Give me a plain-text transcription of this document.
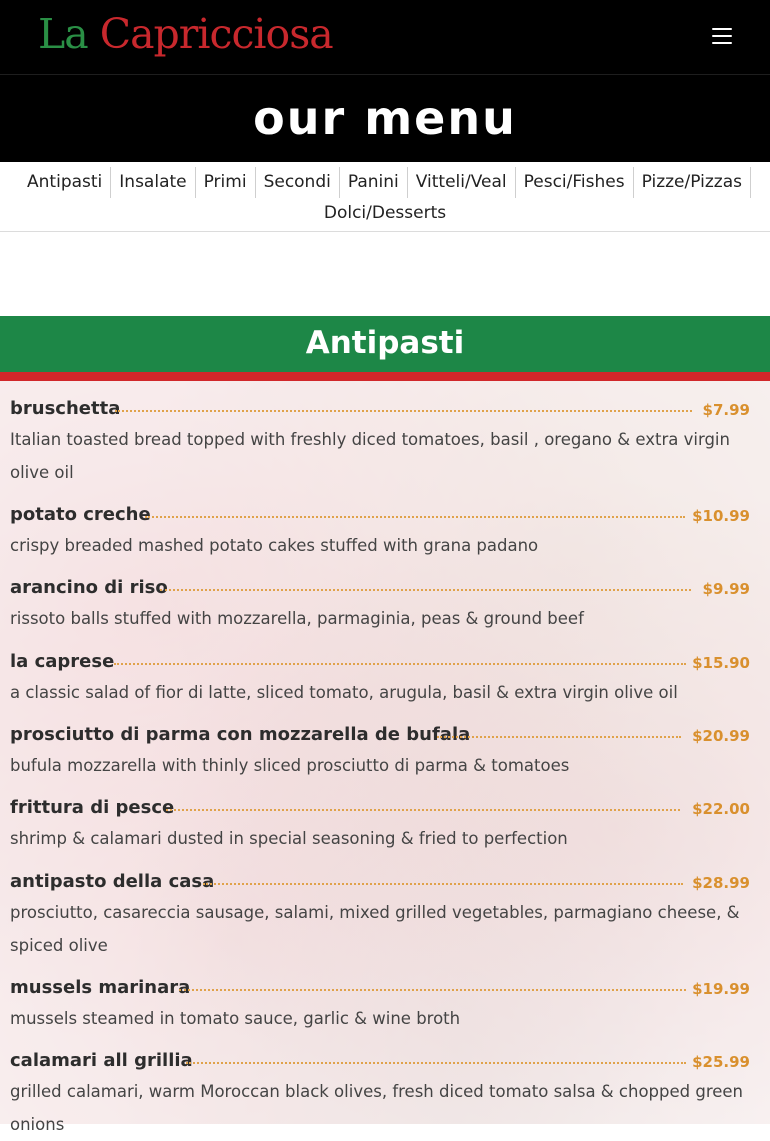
La Capricciosa
our menu
Antipasti Insalate Primi Secondi Panini Vitteli/Veal Pesci/Fishes Pizze/Pizzas
Dolci/Desserts
Antipasti
bruschetta	$7.99
Italian toasted bread topped with freshly diced tomatoes, basil , oregano & extra virgin olive oil
potato creche	$10.99
crispy breaded mashed potato cakes stuffed with grana padano
arancino di riso	$9.99
rissoto balls stuffed with mozzarella, parmaginia, peas & ground beef
la caprese	$15.90
a classic salad of fior di latte, sliced tomato, arugula, basil & extra virgin olive oil
prosciutto di parma con mozzarella de bufala	$20.99
bufula mozzarella with thinly sliced prosciutto di parma & tomatoes
frittura di pesce	$22.00
shrimp & calamari dusted in special seasoning & fried to perfection
antipasto della casa	$28.99
prosciutto, casareccia sausage, salami, mixed grilled vegetables, parmagiano cheese, & spiced olive
mussels marinara	$19.99
mussels steamed in tomato sauce, garlic & wine broth
calamari all grillia	$25.99
grilled calamari, warm Moroccan black olives, fresh diced tomato salsa & chopped green onions
